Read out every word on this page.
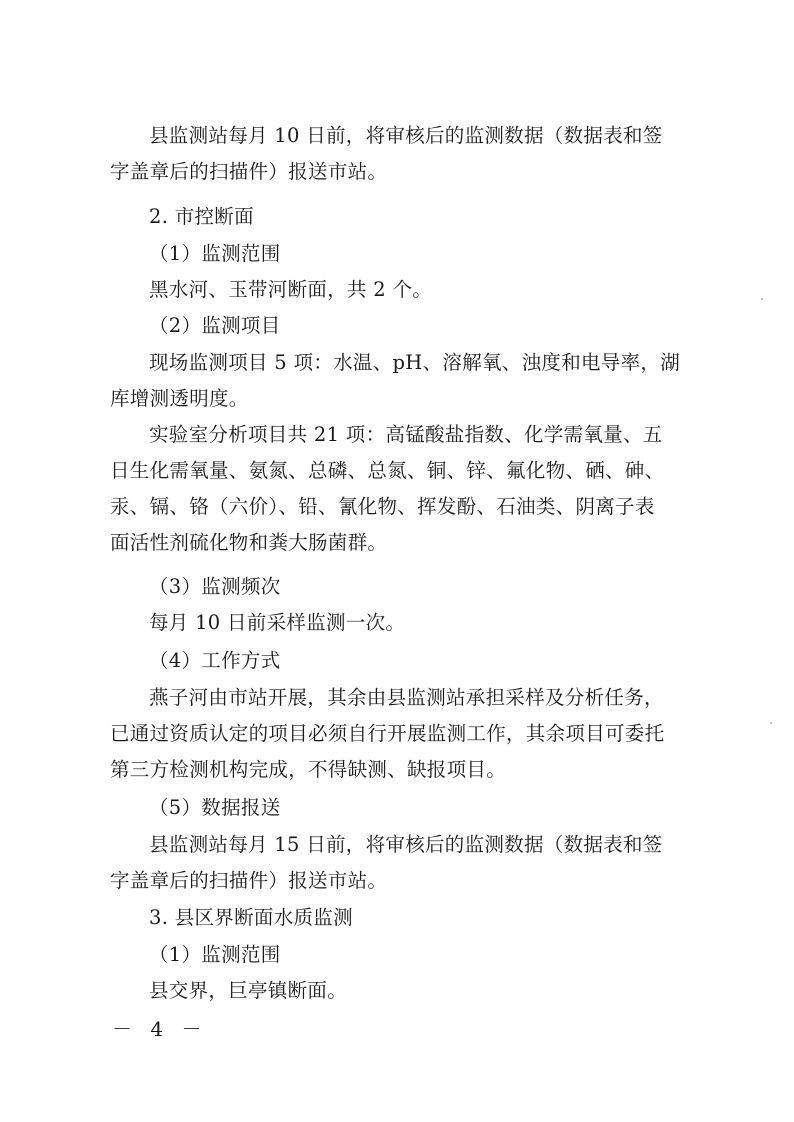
县监测站每月 10 日前，将审核后的监测数据（数据表和签
字盖章后的扫描件）报送市站。

2. 市控断面

（1）监测范围

黑水河、玉带河断面，共 2 个。

（2）监测项目

现场监测项目 5 项：水温、pH、溶解氧、浊度和电导率，湖
库增测透明度。

实验室分析项目共 21 项：高锰酸盐指数、化学需氧量、五
日生化需氧量、氨氮、总磷、总氮、铜、锌、氟化物、硒、砷、
汞、镉、铬（六价）、铅、氰化物、挥发酚、石油类、阴离子表
面活性剂硫化物和粪大肠菌群。

（3）监测频次

每月 10 日前采样监测一次。

（4）工作方式

燕子河由市站开展，其余由县监测站承担采样及分析任务，
已通过资质认定的项目必须自行开展监测工作，其余项目可委托
第三方检测机构完成，不得缺测、缺报项目。

（5）数据报送

县监测站每月 15 日前，将审核后的监测数据（数据表和签
字盖章后的扫描件）报送市站。

3. 县区界断面水质监测

（1）监测范围

县交界，巨亭镇断面。

－ 4 －
